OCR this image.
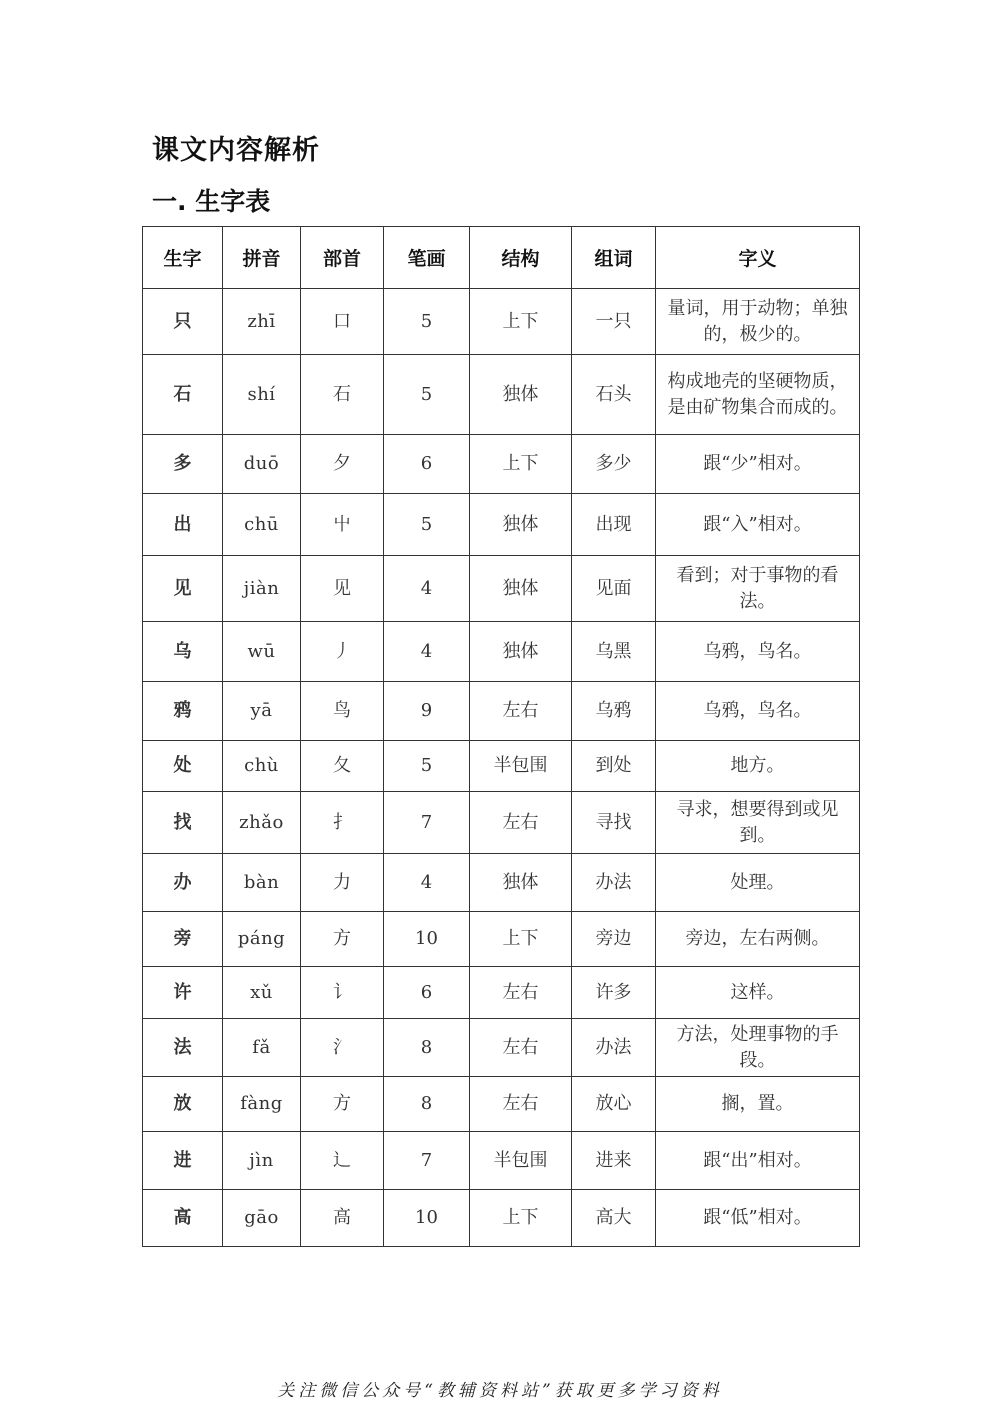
课文内容解析
一. 生字表
生字	拼音	部首	笔画	结构	组词	字义
只	zhī	口	5	上下	一只	量词，用于动物；单独的，极少的。
石	shí	石	5	独体	石头	构成地壳的坚硬物质，是由矿物集合而成的。
多	duō	夕	6	上下	多少	跟“少”相对。
出	chū	屮	5	独体	出现	跟“入”相对。
见	jiàn	见	4	独体	见面	看到；对于事物的看法。
乌	wū	丿	4	独体	乌黑	乌鸦，鸟名。
鸦	yā	鸟	9	左右	乌鸦	乌鸦，鸟名。
处	chù	夂	5	半包围	到处	地方。
找	zhǎo	扌	7	左右	寻找	寻求，想要得到或见到。
办	bàn	力	4	独体	办法	处理。
旁	páng	方	10	上下	旁边	旁边，左右两侧。
许	xǔ	讠	6	左右	许多	这样。
法	fǎ	氵	8	左右	办法	方法，处理事物的手段。
放	fàng	方	8	左右	放心	搁，置。
进	jìn	辶	7	半包围	进来	跟“出”相对。
高	gāo	高	10	上下	高大	跟“低”相对。
关注微信公众号“教辅资料站”获取更多学习资料
